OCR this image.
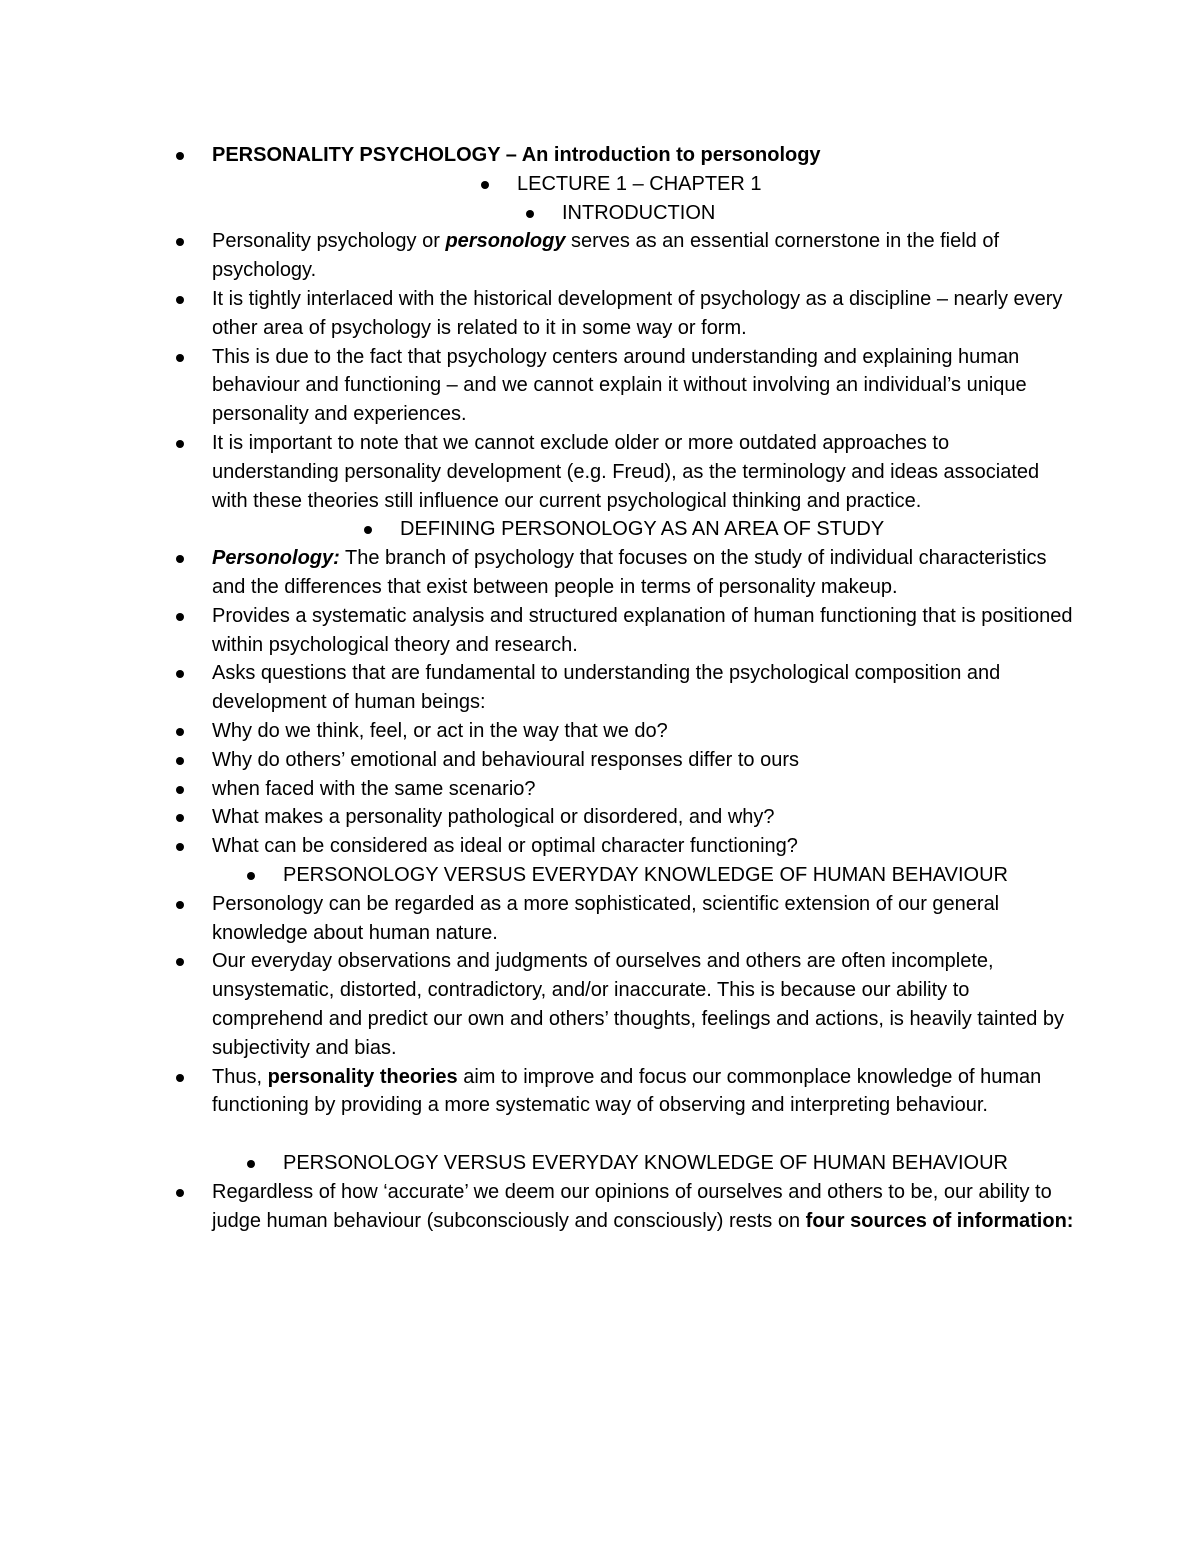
PERSONALITY PSYCHOLOGY – An introduction to personology

LECTURE 1 – CHAPTER 1

INTRODUCTION

Personality psychology or personology serves as an essential cornerstone in the field of psychology.

It is tightly interlaced with the historical development of psychology as a discipline – nearly every other area of psychology is related to it in some way or form.

This is due to the fact that psychology centers around understanding and explaining human behaviour and functioning – and we cannot explain it without involving an individual’s unique personality and experiences.

It is important to note that we cannot exclude older or more outdated approaches to understanding personality development (e.g. Freud), as the terminology and ideas associated with these theories still influence our current psychological thinking and practice.

DEFINING PERSONOLOGY AS AN AREA OF STUDY

Personology: The branch of psychology that focuses on the study of individual characteristics and the differences that exist between people in terms of personality makeup.

Provides a systematic analysis and structured explanation of human functioning that is positioned within psychological theory and research.

Asks questions that are fundamental to understanding the psychological composition and development of human beings:

Why do we think, feel, or act in the way that we do?

Why do others’ emotional and behavioural responses differ to ours

when faced with the same scenario?

What makes a personality pathological or disordered, and why?

What can be considered as ideal or optimal character functioning?

PERSONOLOGY VERSUS EVERYDAY KNOWLEDGE OF HUMAN BEHAVIOUR

Personology can be regarded as a more sophisticated, scientific extension of our general knowledge about human nature.

Our everyday observations and judgments of ourselves and others are often incomplete, unsystematic, distorted, contradictory, and/or inaccurate. This is because our ability to comprehend and predict our own and others’ thoughts, feelings and actions, is heavily tainted by subjectivity and bias.

Thus, personality theories aim to improve and focus our commonplace knowledge of human functioning by providing a more systematic way of observing and interpreting behaviour.

PERSONOLOGY VERSUS EVERYDAY KNOWLEDGE OF HUMAN BEHAVIOUR

Regardless of how ‘accurate’ we deem our opinions of ourselves and others to be, our ability to judge human behaviour (subconsciously and consciously) rests on four sources of information:
